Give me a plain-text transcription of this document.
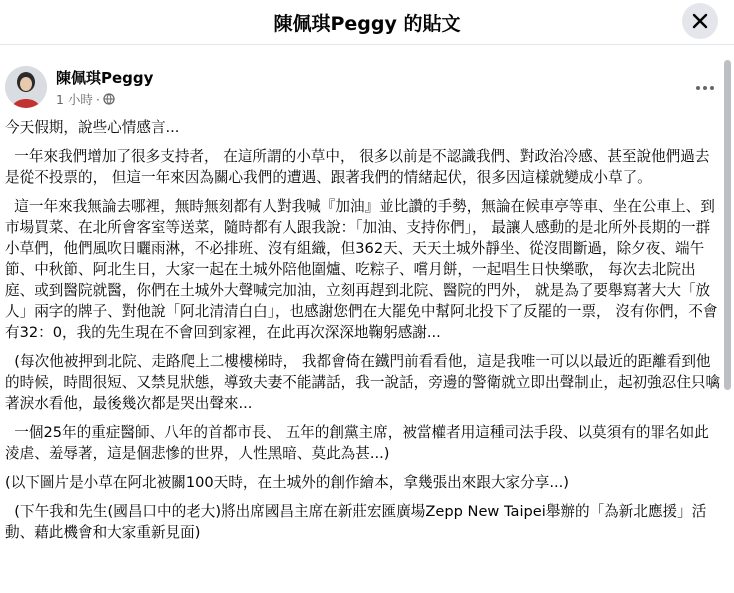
陳佩琪Peggy 的貼文
陳佩琪Peggy
1 小時 ·

今天假期，說些心情感言...

一年來我們增加了很多支持者， 在這所謂的小草中， 很多以前是不認識我們、對政治冷感、甚至說他們過去是從不投票的， 但這一年來因為關心我們的遭遇、跟著我們的情緒起伏，很多因這樣就變成小草了。

這一年來我無論去哪裡，無時無刻都有人對我喊『加油』並比讚的手勢，無論在候車亭等車、坐在公車上、到市場買菜、在北所會客室等送菜，隨時都有人跟我說：「加油、支持你們」， 最讓人感動的是北所外長期的一群小草們，他們風吹日曬雨淋，不必排班、沒有組織，但362天、天天土城外靜坐、從沒間斷過，除夕夜、端午節、中秋節、阿北生日，大家一起在土城外陪他圍爐、吃粽子、嚐月餅，一起唱生日快樂歌， 每次去北院出庭、或到醫院就醫，你們在土城外大聲喊完加油，立刻再趕到北院、醫院的門外， 就是為了要舉寫著大大「放人」兩字的牌子、對他說「阿北清清白白」，也感謝您們在大罷免中幫阿北投下了反罷的一票， 沒有你們，不會有32：0，我的先生現在不會回到家裡，在此再次深深地鞠躬感謝...

(每次他被押到北院、走路爬上二樓樓梯時， 我都會倚在鐵門前看看他，這是我唯一可以以最近的距離看到他的時候，時間很短、又禁見狀態，導致夫妻不能講話，我一說話，旁邊的警衛就立即出聲制止，起初強忍住只噙著淚水看他，最後幾次都是哭出聲來...

一個25年的重症醫師、八年的首都市長、 五年的創黨主席，被當權者用這種司法手段、以莫須有的罪名如此淩虐、羞辱著，這是個悲慘的世界，人性黑暗、莫此為甚...)

(以下圖片是小草在阿北被關100天時，在土城外的創作繪本，拿幾張出來跟大家分享...)

(下午我和先生(國昌口中的老大)將出席國昌主席在新莊宏匯廣場Zepp New Taipei舉辦的「為新北應援」活動、藉此機會和大家重新見面)
